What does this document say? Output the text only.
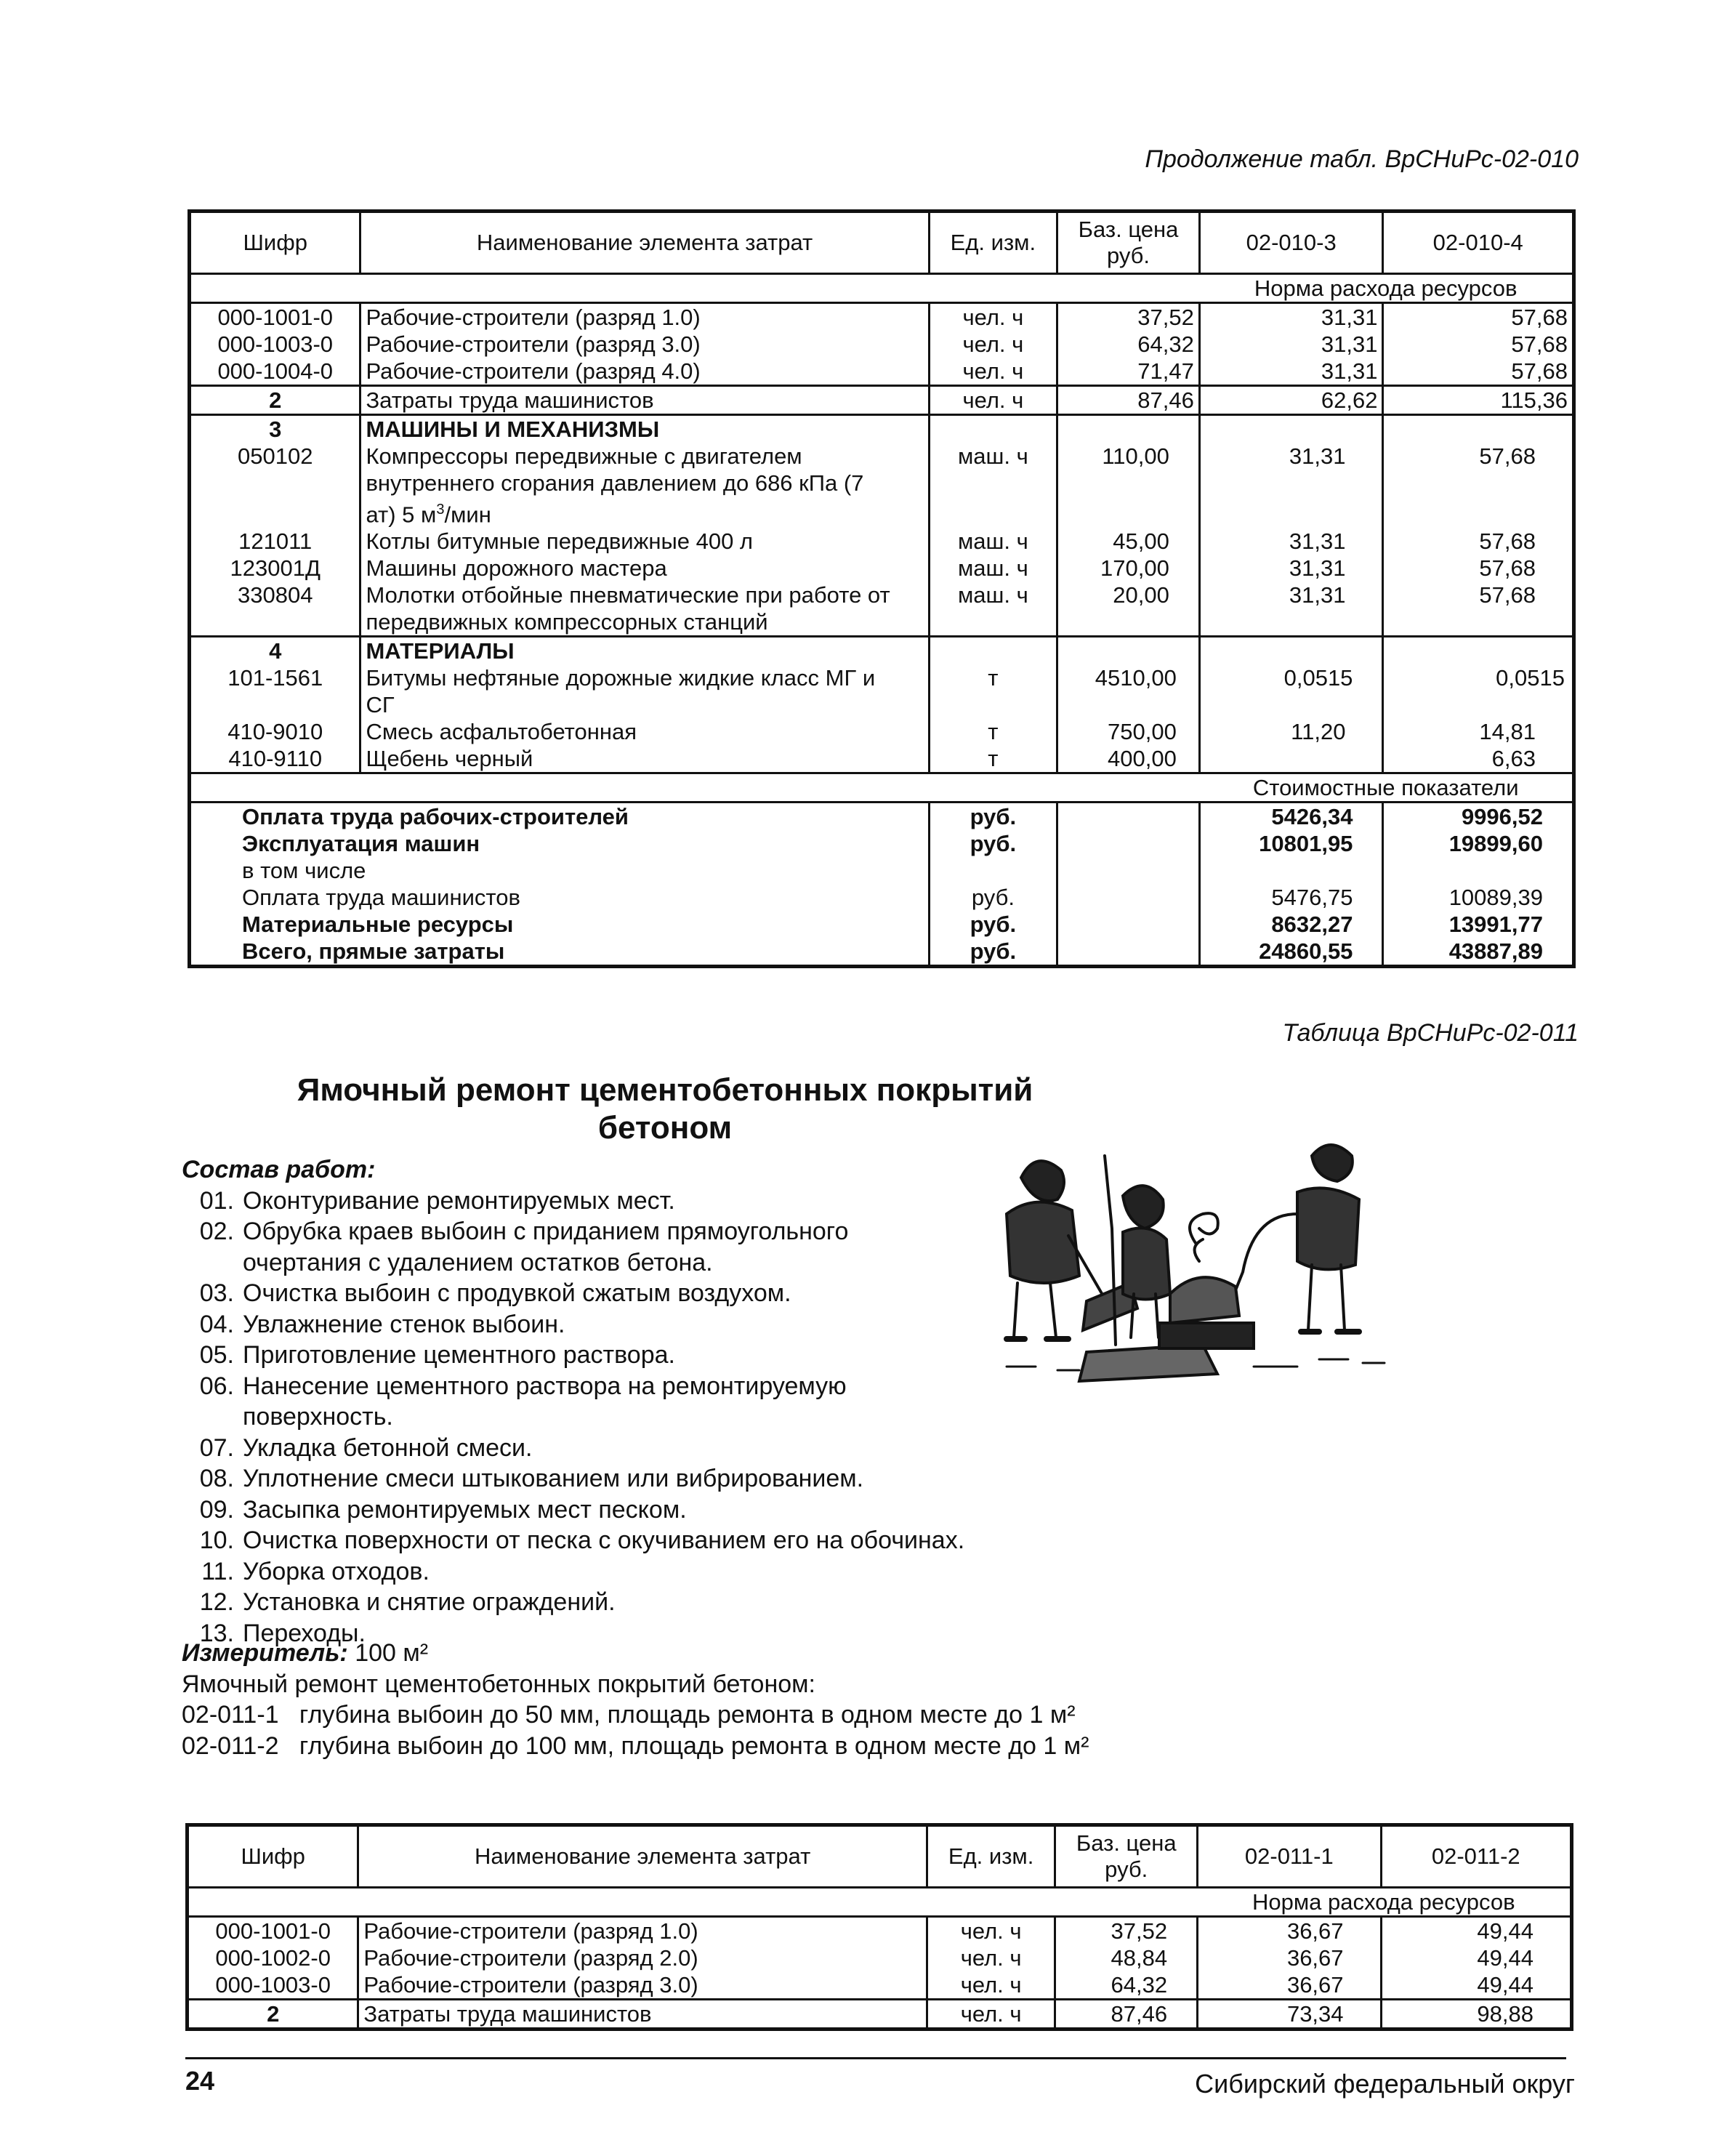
Продолжение табл. ВрСНиРс-02-010
Шифр	Наименование элемента затрат	Ед. изм.	Баз. цена руб.	02-010-3	02-010-4
				Норма расхода ресурсов	
000-1001-0	Рабочие-строители (разряд 1.0)	чел. ч	37,52	31,31	57,68
000-1003-0	Рабочие-строители (разряд 3.0)	чел. ч	64,32	31,31	57,68
000-1004-0	Рабочие-строители (разряд 4.0)	чел. ч	71,47	31,31	57,68
2	Затраты труда машинистов	чел. ч	87,46	62,62	115,36
3	МАШИНЫ И МЕХАНИЗМЫ				
050102	Компрессоры передвижные с двигателем внутреннего сгорания давлением до 686 кПа (7 ат) 5 $м^3$/мин	маш. ч	110,00	31,31	57,68
121011	Котлы битумные передвижные 400 л	маш. ч	45,00	31,31	57,68
123001Д	Машины дорожного мастера	маш. ч	170,00	31,31	57,68
330804	Молотки отбойные пневматические при работе от передвижных компрессорных станций	маш. ч	20,00	31,31	57,68
4	МАТЕРИАЛЫ				
101-1561	Битумы нефтяные дорожные жидкие класс МГ и СГ	т	4510,00	0,0515	0,0515
410-9010	Смесь асфальтобетонная	т	750,00	11,20	14,81
410-9110	Щебень черный	т	400,00		6,63
				Стоимостные показатели	
Оплата труда рабочих-строителей		руб.		5426,34	9996,52
Эксплуатация машин		руб.		10801,95	19899,60
в том числе					
Оплата труда машинистов		руб.		5476,75	10089,39
Материальные ресурсы		руб.		8632,27	13991,77
Всего, прямые затраты		руб.		24860,55	43887,89
Таблица ВрСНиРс-02-011
Ямочный ремонт цементобетонных покрытий
бетоном
Состав работ:
01. Оконтуривание ремонтируемых мест.
02. Обрубка краев выбоин с приданием прямоугольного
очертания с удалением остатков бетона.
03. Очистка выбоин с продувкой сжатым воздухом.
04. Увлажнение стенок выбоин.
05. Приготовление цементного раствора.
06. Нанесение цементного раствора на ремонтируемую
поверхность.
07. Укладка бетонной смеси.
08. Уплотнение смеси штыкованием или вибрированием.
09. Засыпка ремонтируемых мест песком.
10. Очистка поверхности от песка с окучиванием его на обочинах.
11. Уборка отходов.
12. Установка и снятие ограждений.
13. Переходы.
Измеритель: 100 м²
Ямочный ремонт цементобетонных покрытий бетоном:
02-011-1 глубина выбоин до 50 мм, площадь ремонта в одном месте до 1 м²
02-011-2 глубина выбоин до 100 мм, площадь ремонта в одном месте до 1 м²
Шифр	Наименование элемента затрат	Ед. изм.	Баз. цена руб.	02-011-1	02-011-2
				Норма расхода ресурсов	
000-1001-0	Рабочие-строители (разряд 1.0)	чел. ч	37,52	36,67	49,44
000-1002-0	Рабочие-строители (разряд 2.0)	чел. ч	48,84	36,67	49,44
000-1003-0	Рабочие-строители (разряд 3.0)	чел. ч	64,32	36,67	49,44
2	Затраты труда машинистов	чел. ч	87,46	73,34	98,88
24	Сибирский федеральный округ
